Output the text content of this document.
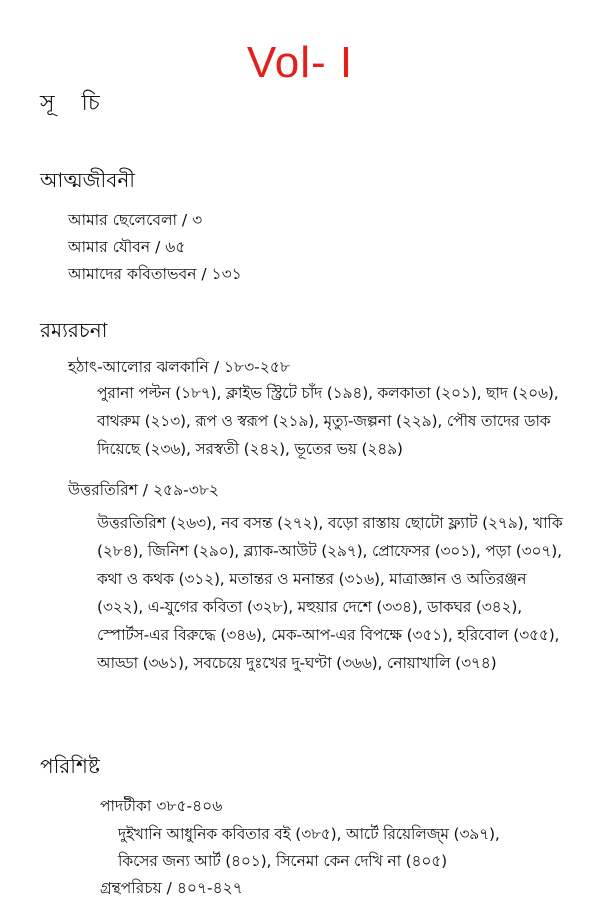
Vol- I
সূ চি
আত্মজীবনী
আমার ছেলেবেলা / ৩
আমার যৌবন / ৬৫
আমাদের কবিতাভবন / ১৩১
রম্যরচনা
হঠাৎ-আলোর ঝলকানি / ১৮৩-২৫৮
পুরানা পল্টন (১৮৭), ক্লাইভ স্ট্রিটে চাঁদ (১৯৪), কলকাতা (২০১), ছাদ (২০৬),
বাথরুম (২১৩), রূপ ও স্বরূপ (২১৯), মৃত্যু-জল্পনা (২২৯), পৌষ তাদের ডাক
দিয়েছে (২৩৬), সরস্বতী (২৪২), ভূতের ভয় (২৪৯)
উত্তরতিরিশ / ২৫৯-৩৮২
উত্তরতিরিশ (২৬৩), নব বসন্ত (২৭২), বড়ো রাস্তায় ছোটো ফ্ল্যাট (২৭৯), খাকি
(২৮৪), জিনিশ (২৯০), ব্ল্যাক-আউট (২৯৭), প্রোফেসর (৩০১), পড়া (৩০৭),
কথা ও কথক (৩১২), মতান্তর ও মনান্তর (৩১৬), মাত্রাজ্ঞান ও অতিরঞ্জন
(৩২২), এ-যুগের কবিতা (৩২৮), মহুয়ার দেশে (৩৩৪), ডাকঘর (৩৪২),
স্পোর্টস-এর বিরুদ্ধে (৩৪৬), মেক-আপ-এর বিপক্ষে (৩৫১), হরিবোল (৩৫৫),
আড্ডা (৩৬১), সবচেয়ে দুঃখের দু-ঘণ্টা (৩৬৬), নোয়াখালি (৩৭৪)
পরিশিষ্ট
পাদটীকা ৩৮৫-৪০৬
দুইখানি আধুনিক কবিতার বই (৩৮৫), আর্টে রিয়েলিজ্‌ম (৩৯৭),
কিসের জন্য আর্ট (৪০১), সিনেমা কেন দেখি না (৪০৫)
গ্রন্থপরিচয় / ৪০৭-৪২৭
